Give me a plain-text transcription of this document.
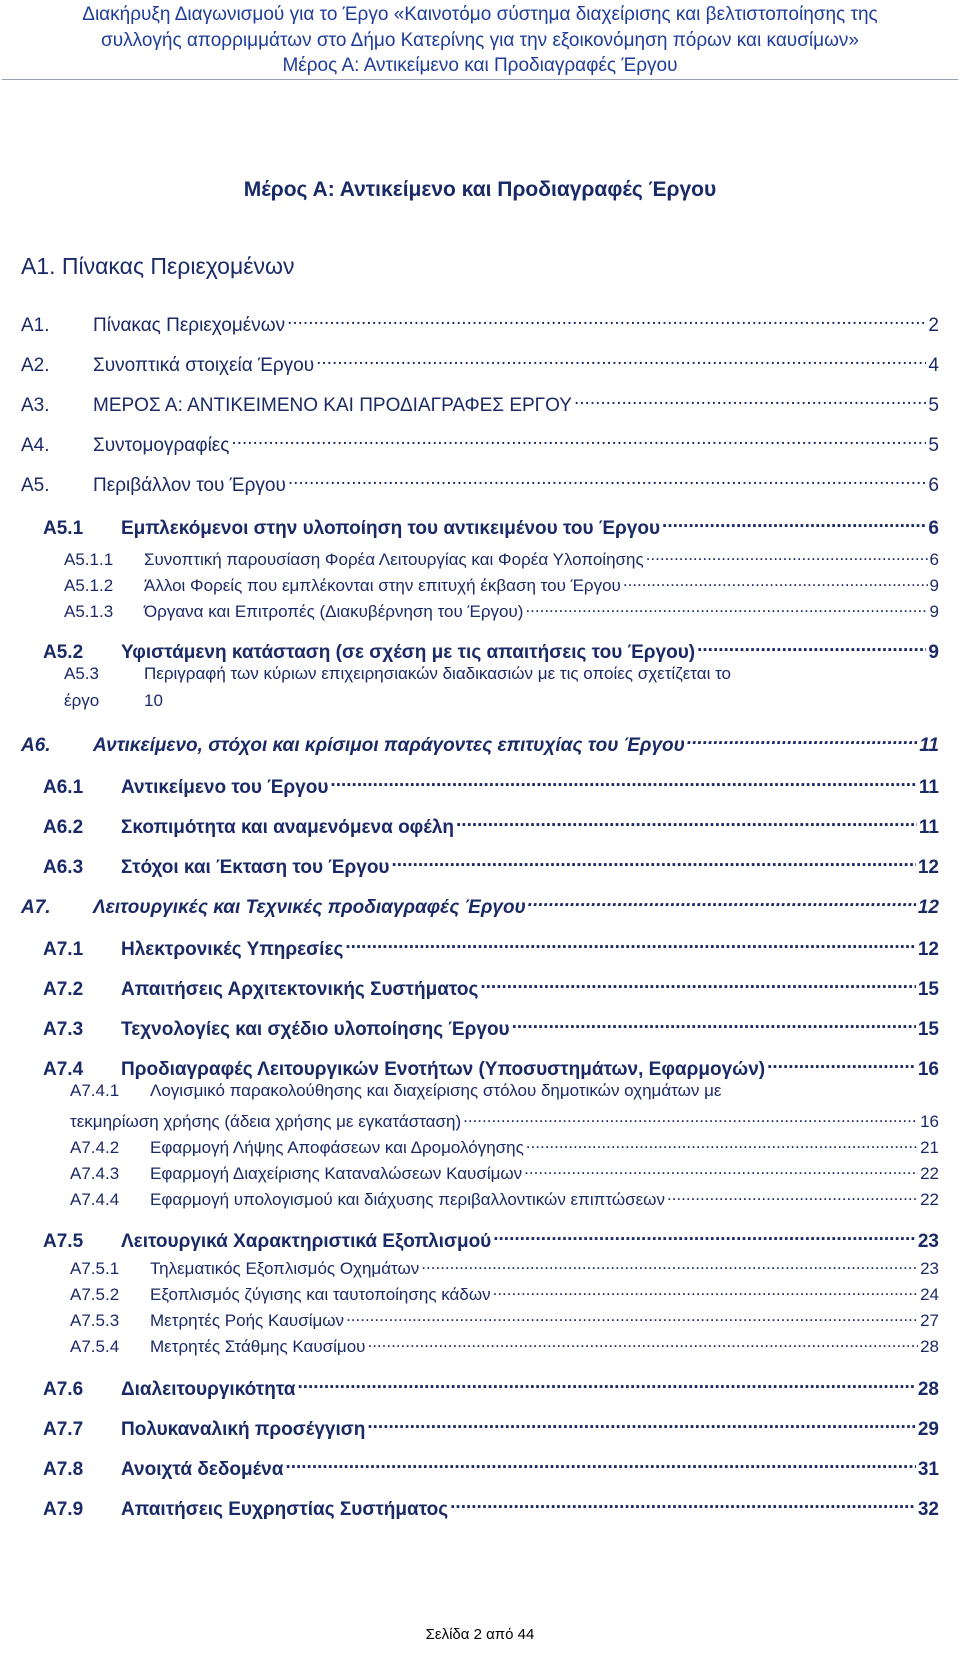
Διακήρυξη Διαγωνισμού για το Έργο «Καινοτόμο σύστημα διαχείρισης και βελτιστοποίησης της
συλλογής απορριμμάτων στο Δήμο Κατερίνης για την εξοικονόμηση πόρων και καυσίμων»
Μέρος Α: Αντικείμενο και Προδιαγραφές Έργου
Μέρος Α: Αντικείμενο και Προδιαγραφές Έργου
Α1. Πίνακας Περιεχομένων
Α1.	Πίνακας Περιεχομένων .....	2
Α2.	Συνοπτικά στοιχεία Έργου .....	4
Α3.	ΜΕΡΟΣ Α: ΑΝΤΙΚΕΙΜΕΝΟ ΚΑΙ ΠΡΟΔΙΑΓΡΑΦΕΣ ΕΡΓΟΥ .....	5
Α4.	Συντομογραφίες .....	5
Α5.	Περιβάλλον του Έργου .....	6
Α5.1	Εμπλεκόμενοι στην υλοποίηση του αντικειμένου του Έργου .....	6
Α5.1.1	Συνοπτική παρουσίαση Φορέα Λειτουργίας και Φορέα Υλοποίησης .....	6
Α5.1.2	Άλλοι Φορείς που εμπλέκονται στην επιτυχή έκβαση του Έργου .....	9
Α5.1.3	Όργανα και Επιτροπές (Διακυβέρνηση του Έργου) .....	9
Α5.2	Υφιστάμενη κατάσταση (σε σχέση με τις απαιτήσεις του Έργου) .....	9
Α5.3	Περιγραφή των κύριων επιχειρησιακών διαδικασιών με τις οποίες σχετίζεται το
έργο	10
Α6.	Αντικείμενο, στόχοι και κρίσιμοι παράγοντες επιτυχίας του Έργου .....	11
Α6.1	Αντικείμενο του Έργου .....	11
Α6.2	Σκοπιμότητα και αναμενόμενα οφέλη .....	11
Α6.3	Στόχοι και Έκταση του Έργου .....	12
Α7.	Λειτουργικές και Τεχνικές προδιαγραφές Έργου .....	12
Α7.1	Ηλεκτρονικές Υπηρεσίες .....	12
Α7.2	Απαιτήσεις Αρχιτεκτονικής Συστήματος .....	15
Α7.3	Τεχνολογίες και σχέδιο υλοποίησης Έργου .....	15
Α7.4	Προδιαγραφές Λειτουργικών Ενοτήτων (Υποσυστημάτων, Εφαρμογών) .....	16
Α7.4.1	Λογισμικό παρακολούθησης και διαχείρισης στόλου δημοτικών οχημάτων με
τεκμηρίωση χρήσης (άδεια χρήσης με εγκατάσταση) .....	16
Α7.4.2	Εφαρμογή Λήψης Αποφάσεων και Δρομολόγησης .....	21
Α7.4.3	Εφαρμογή Διαχείρισης Καταναλώσεων Καυσίμων .....	22
Α7.4.4	Εφαρμογή υπολογισμού και διάχυσης περιβαλλοντικών επιπτώσεων .....	22
Α7.5	Λειτουργικά Χαρακτηριστικά Εξοπλισμού .....	23
Α7.5.1	Τηλεματικός Εξοπλισμός Οχημάτων .....	23
Α7.5.2	Εξοπλισμός ζύγισης και ταυτοποίησης κάδων .....	24
Α7.5.3	Μετρητές Ροής Καυσίμων .....	27
Α7.5.4	Μετρητές Στάθμης Καυσίμου .....	28
Α7.6	Διαλειτουργικότητα .....	28
Α7.7	Πολυκαναλική προσέγγιση .....	29
Α7.8	Ανοιχτά δεδομένα .....	31
Α7.9	Απαιτήσεις Ευχρηστίας Συστήματος .....	32
Σελίδα 2 από 44
